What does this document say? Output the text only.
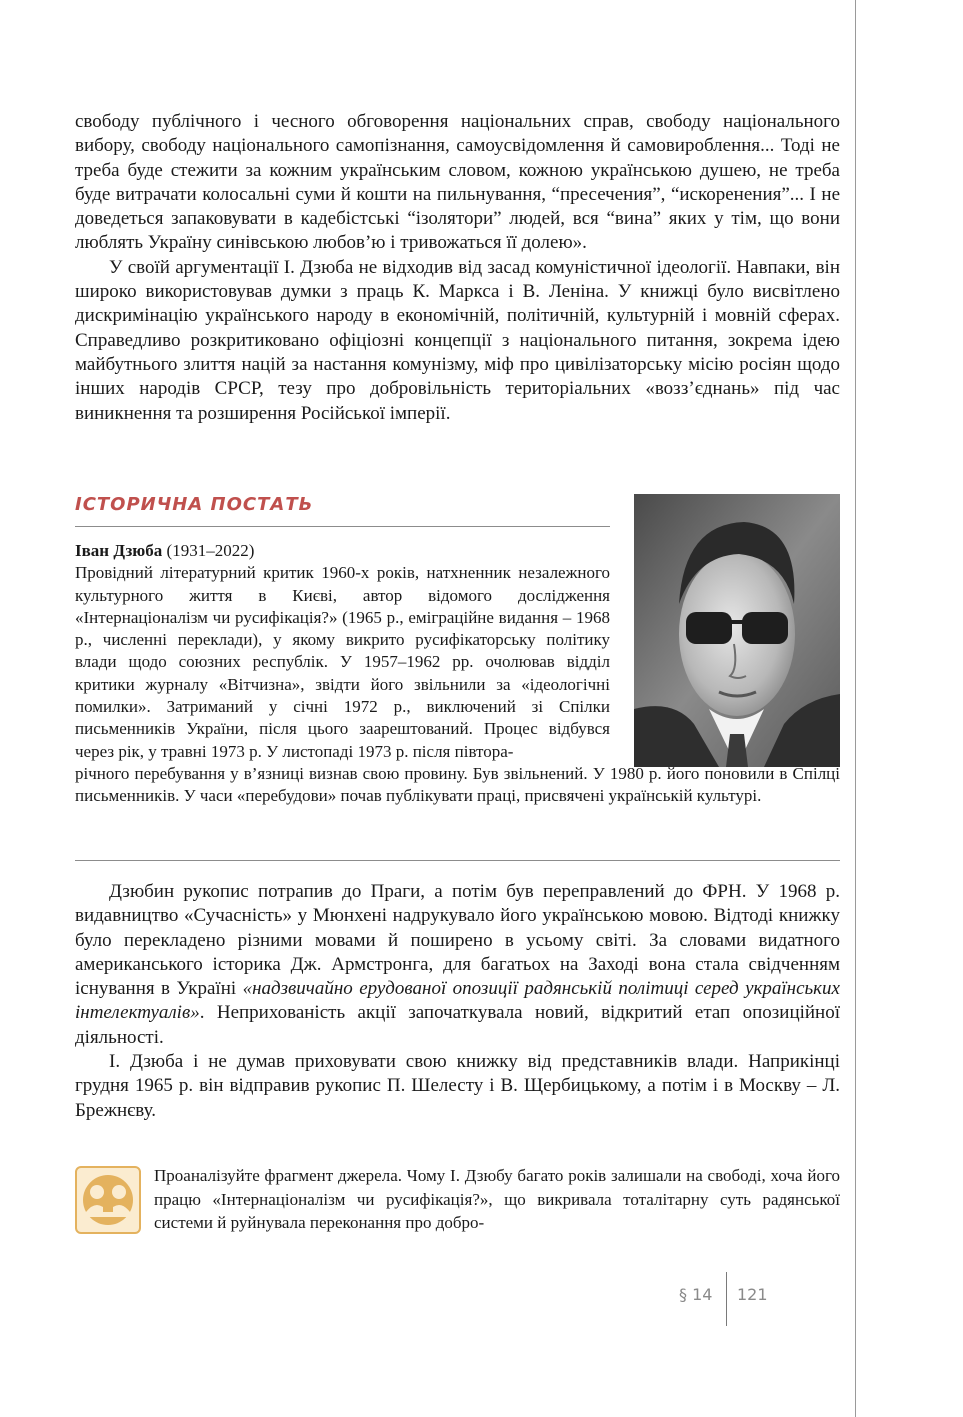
свободу публічного і чесного обговорення національних справ, свободу національного вибору, свободу національного самопізнання, самоусвідомлення й самовироблення... Тоді не треба буде стежити за кожним українським словом, кожною українською душею, не треба буде витрачати колосальні суми й кошти на пильнування, “пресечения”, “искоренения”... І не доведеться запаковувати в кадебістські “ізолятори” людей, вся “вина” яких у тім, що вони люблять Україну синівською любов’ю і тривожаться її долею».

У своїй аргументації І. Дзюба не відходив від засад комуністичної ідеології. Навпаки, він широко використовував думки з праць К. Маркса і В. Леніна. У книжці було висвітлено дискримінацію українського народу в економічній, політичній, культурній і мовній сферах. Справедливо розкритиковано офіціозні концепції з національного питання, зокрема ідею майбутнього злиття націй за настання комунізму, міф про цивілізаторську місію росіян щодо інших народів СРСР, тезу про добровільність територіальних «возз’єднань» під час виникнення та розширення Російської імперії.

ІСТОРИЧНА ПОСТАТЬ

Іван Дзюба (1931–2022)

Провідний літературний критик 1960-х років, натхненник незалежного культурного життя в Києві, автор відомого дослідження «Інтернаціоналізм чи русифікація?» (1965 р., еміграційне видання – 1968 р., численні переклади), у якому викрито русифікаторську політику влади щодо союзних республік. У 1957–1962 рр. очолював відділ критики журналу «Вітчизна», звідти його звільнили за «ідеологічні помилки». Затриманий у січні 1972 р., виключений зі Спілки письменників України, після цього заарештований. Процес відбувся через рік, у травні 1973 р. У листопаді 1973 р. після півтора-

річного перебування у в’язниці визнав свою провину. Був звільнений. У 1980 р. його поновили в Спілці письменників. У часи «перебудови» почав публікувати праці, присвячені українській культурі.

Дзюбин рукопис потрапив до Праги, а потім був переправлений до ФРН. У 1968 р. видавництво «Сучасність» у Мюнхені надрукувало його українською мовою. Відтоді книжку було перекладено різними мовами й поширено в усьому світі. За словами видатного американського історика Дж. Армстронга, для багатьох на Заході вона стала свідченням існування в Україні «надзвичайно ерудованої опозиції радянській політиці серед українських інтелектуалів». Неприхованість акції започаткувала новий, відкритий етап опозиційної діяльності.

І. Дзюба і не думав приховувати свою книжку від представників влади. Наприкінці грудня 1965 р. він відправив рукопис П. Шелесту і В. Щербицькому, а потім і в Москву – Л. Брежнєву.

Проаналізуйте фрагмент джерела. Чому І. Дзюбу багато років залишали на свободі, хоча його працю «Інтернаціоналізм чи русифікація?», що викривала тоталітарну суть радянської системи й руйнувала переконання про добро-
§ 14 121
